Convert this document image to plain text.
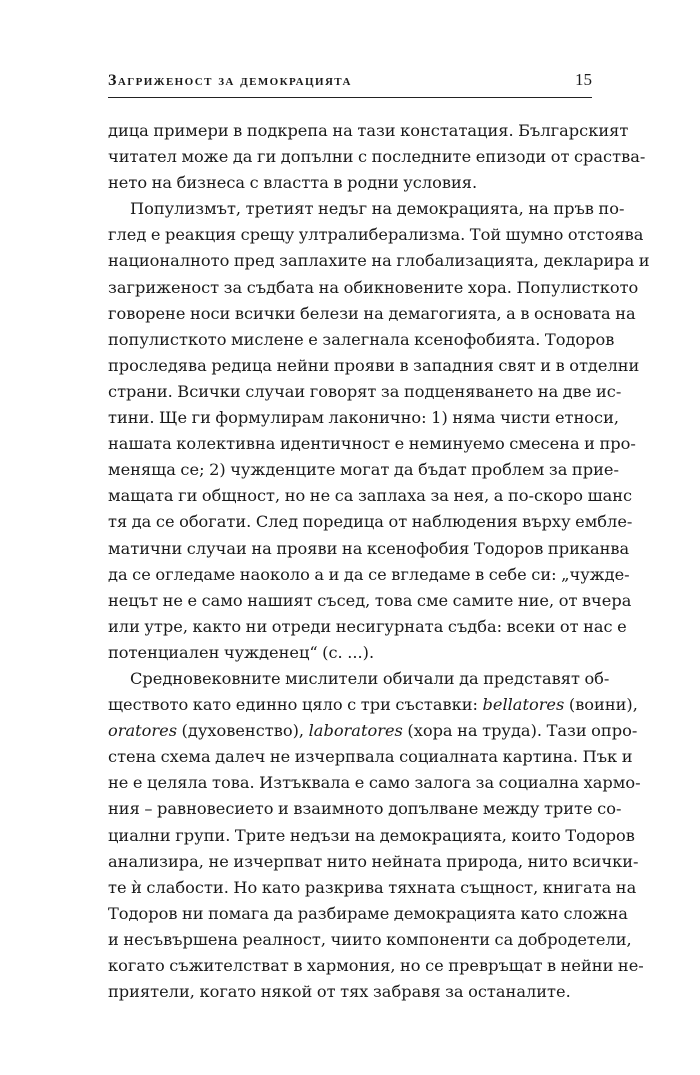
Загриженост за демокрацията	15

дица примери в подкрепа на тази констатация. Българският
читател може да ги допълни с последните епизоди от сраства-
нето на бизнеса с властта в родни условия.

Популизмът, третият недъг на демокрацията, на пръв по-
глед е реакция срещу ултралиберализма. Той шумно отстоява
националното пред заплахите на глобализацията, декларира и
загриженост за съдбата на обикновените хора. Популисткото
говорене носи всички белези на демагогията, а в основата на
популисткото мислене е залегнала ксенофобията. Тодоров
проследява редица нейни прояви в западния свят и в отделни
страни. Всички случаи говорят за подценяването на две ис-
тини. Ще ги формулирам лаконично: 1) няма чисти етноси,
нашата колективна идентичност е неминуемо смесена и про-
меняща се; 2) чужденците могат да бъдат проблем за прие-
мащата ги общност, но не са заплаха за нея, а по-скоро шанс
тя да се обогати. След поредица от наблюдения върху ембле-
матични случаи на прояви на ксенофобия Тодоров приканва
да се огледаме наоколо а и да се вгледаме в себе си: „чужде-
нецът не е само нашият съсед, това сме самите ние, от вчера
или утре, както ни отреди несигурната съдба: всеки от нас е
потенциален чужденец“ (с. ...).

Средновековните мислители обичали да представят об-
ществото като единно цяло с три съставки: bellatores (воини),
oratores (духовенство), laboratores (хора на труда). Тази опро-
стена схема далеч не изчерпвала социалната картина. Пък и
не е целяла това. Изтъквала е само залога за социална хармо-
ния – равновесието и взаимното допълване между трите со-
циални групи. Трите недъзи на демокрацията, които Тодоров
анализира, не изчерпват нито нейната природа, нито всички-
те ѝ слабости. Но като разкрива тяхната същност, книгата на
Тодоров ни помага да разбираме демокрацията като сложна
и несъвършена реалност, чиито компоненти са добродетели,
когато съжителстват в хармония, но се превръщат в нейни не-
приятели, когато някой от тях забравя за останалите.
